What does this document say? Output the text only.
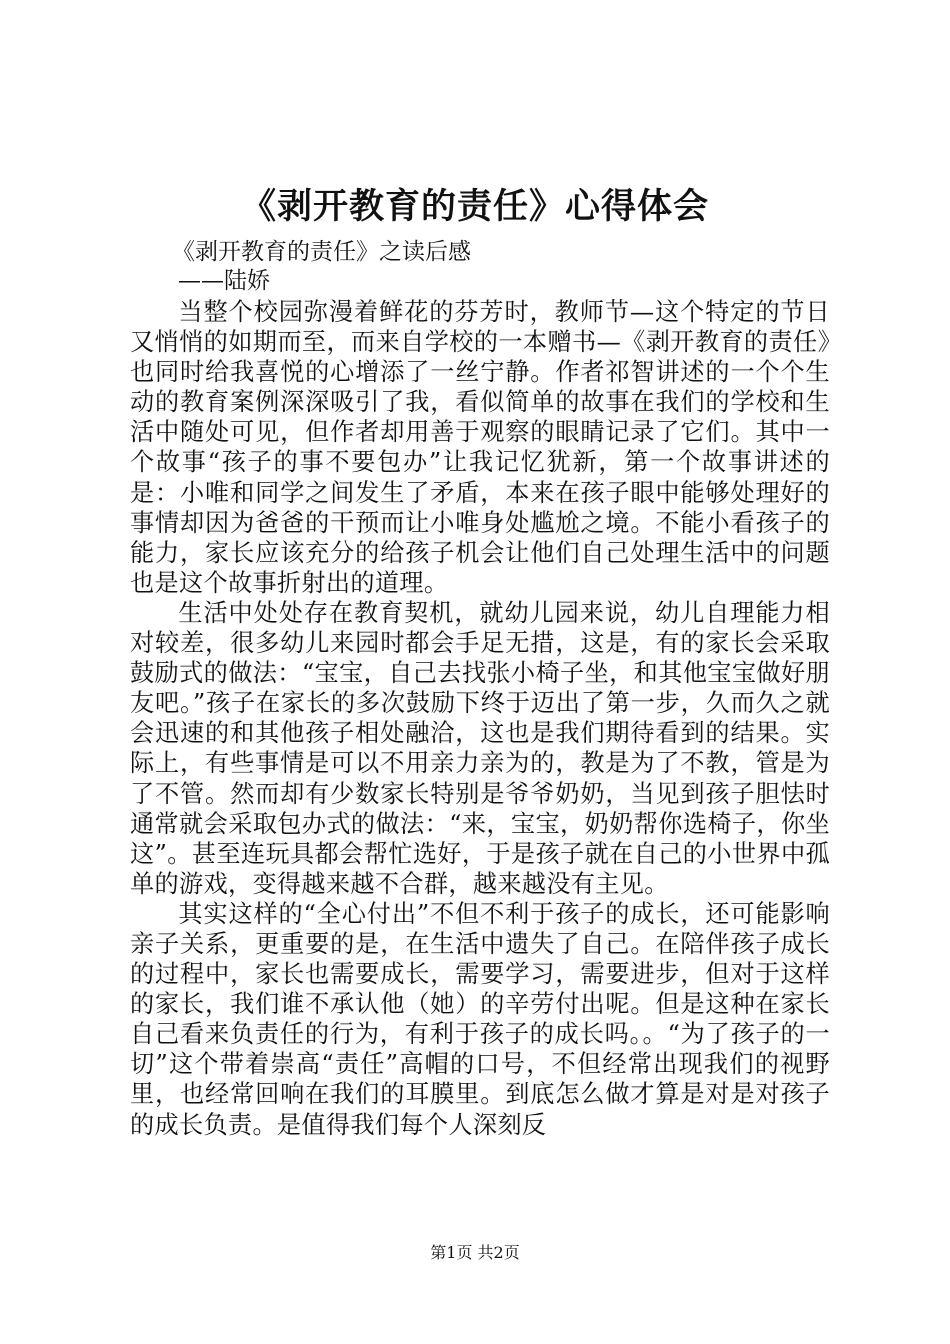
《剥开教育的责任》心得体会
《剥开教育的责任》之读后感
——陆娇

当整个校园弥漫着鲜花的芬芳时，教师节—这个特定的节日又悄悄的如期而至，而来自学校的一本赠书—《剥开教育的责任》也同时给我喜悦的心增添了一丝宁静。作者祁智讲述的一个个生动的教育案例深深吸引了我，看似简单的故事在我们的学校和生活中随处可见，但作者却用善于观察的眼睛记录了它们。其中一个故事“孩子的事不要包办”让我记忆犹新，第一个故事讲述的是：小唯和同学之间发生了矛盾，本来在孩子眼中能够处理好的事情却因为爸爸的干预而让小唯身处尴尬之境。不能小看孩子的能力，家长应该充分的给孩子机会让他们自己处理生活中的问题也是这个故事折射出的道理。

生活中处处存在教育契机，就幼儿园来说，幼儿自理能力相对较差，很多幼儿来园时都会手足无措，这是，有的家长会采取鼓励式的做法：“宝宝，自己去找张小椅子坐，和其他宝宝做好朋友吧。”孩子在家长的多次鼓励下终于迈出了第一步，久而久之就会迅速的和其他孩子相处融洽，这也是我们期待看到的结果。实际上，有些事情是可以不用亲力亲为的，教是为了不教，管是为了不管。然而却有少数家长特别是爷爷奶奶，当见到孩子胆怯时通常就会采取包办式的做法：“来，宝宝，奶奶帮你选椅子，你坐这”。甚至连玩具都会帮忙选好，于是孩子就在自己的小世界中孤单的游戏，变得越来越不合群，越来越没有主见。

其实这样的“全心付出”不但不利于孩子的成长，还可能影响亲子关系，更重要的是，在生活中遗失了自己。在陪伴孩子成长的过程中，家长也需要成长，需要学习，需要进步，但对于这样的家长，我们谁不承认他（她）的辛劳付出呢。但是这种在家长自己看来负责任的行为，有利于孩子的成长吗。。“为了孩子的一切”这个带着崇高“责任”高帽的口号，不但经常出现我们的视野里，也经常回响在我们的耳膜里。到底怎么做才算是对是对孩子的成长负责。是值得我们每个人深刻反

第1页 共2页
